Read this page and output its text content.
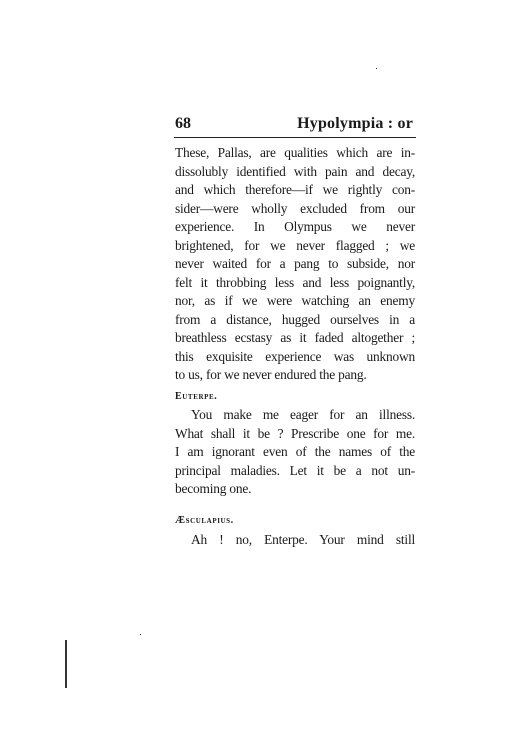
68	Hypolympia : or
These, Pallas, are qualities which are in-
dissolubly identified with pain and decay,
and which therefore—if we rightly con-
sider—were wholly excluded from our
experience. In Olympus we never
brightened, for we never flagged ; we
never waited for a pang to subside, nor
felt it throbbing less and less poignantly,
nor, as if we were watching an enemy
from a distance, hugged ourselves in a
breathless ecstasy as it faded altogether ;
this exquisite experience was unknown
to us, for we never endured the pang.
Euterpe.
You make me eager for an illness.
What shall it be ? Prescribe one for me.
I am ignorant even of the names of the
principal maladies. Let it be a not un-
becoming one.
Æsculapius.
Ah ! no, Enterpe. Your mind still
